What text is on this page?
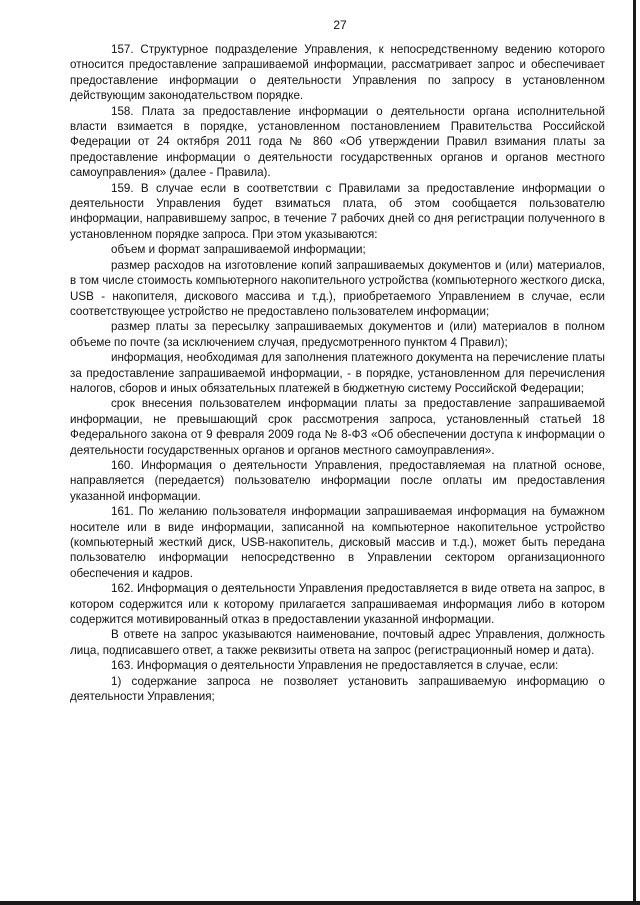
27

157. Структурное подразделение Управления, к непосредственному ведению которого относится предоставление запрашиваемой информации, рассматривает запрос и обеспечивает предоставление информации о деятельности Управления по запросу в установленном действующим законодательством порядке.

158. Плата за предоставление информации о деятельности органа исполнительной власти взимается в порядке, установленном постановлением Правительства Российской Федерации от 24 октября 2011 года № 860 «Об утверждении Правил взимания платы за предоставление информации о деятельности государственных органов и органов местного самоуправления» (далее - Правила).

159. В случае если в соответствии с Правилами за предоставление информации о деятельности Управления будет взиматься плата, об этом сообщается пользователю информации, направившему запрос, в течение 7 рабочих дней со дня регистрации полученного в установленном порядке запроса. При этом указываются:

объем и формат запрашиваемой информации;

размер расходов на изготовление копий запрашиваемых документов и (или) материалов, в том числе стоимость компьютерного накопительного устройства (компьютерного жесткого диска, USB - накопителя, дискового массива и т.д.), приобретаемого Управлением в случае, если соответствующее устройство не предоставлено пользователем информации;

размер платы за пересылку запрашиваемых документов и (или) материалов в полном объеме по почте (за исключением случая, предусмотренного пунктом 4 Правил);

информация, необходимая для заполнения платежного документа на перечисление платы за предоставление запрашиваемой информации, - в порядке, установленном для перечисления налогов, сборов и иных обязательных платежей в бюджетную систему Российской Федерации;

срок внесения пользователем информации платы за предоставление запрашиваемой информации, не превышающий срок рассмотрения запроса, установленный статьей 18 Федерального закона от 9 февраля 2009 года № 8-ФЗ «Об обеспечении доступа к информации о деятельности государственных органов и органов местного самоуправления».

160. Информация о деятельности Управления, предоставляемая на платной основе, направляется (передается) пользователю информации после оплаты им предоставления указанной информации.

161. По желанию пользователя информации запрашиваемая информация на бумажном носителе или в виде информации, записанной на компьютерное накопительное устройство (компьютерный жесткий диск, USB-накопитель, дисковый массив и т.д.), может быть передана пользователю информации непосредственно в Управлении сектором организационного обеспечения и кадров.

162. Информация о деятельности Управления предоставляется в виде ответа на запрос, в котором содержится или к которому прилагается запрашиваемая информация либо в котором содержится мотивированный отказ в предоставлении указанной информации.

В ответе на запрос указываются наименование, почтовый адрес Управления, должность лица, подписавшего ответ, а также реквизиты ответа на запрос (регистрационный номер и дата).

163. Информация о деятельности Управления не предоставляется в случае, если:

1) содержание запроса не позволяет установить запрашиваемую информацию о деятельности Управления;
